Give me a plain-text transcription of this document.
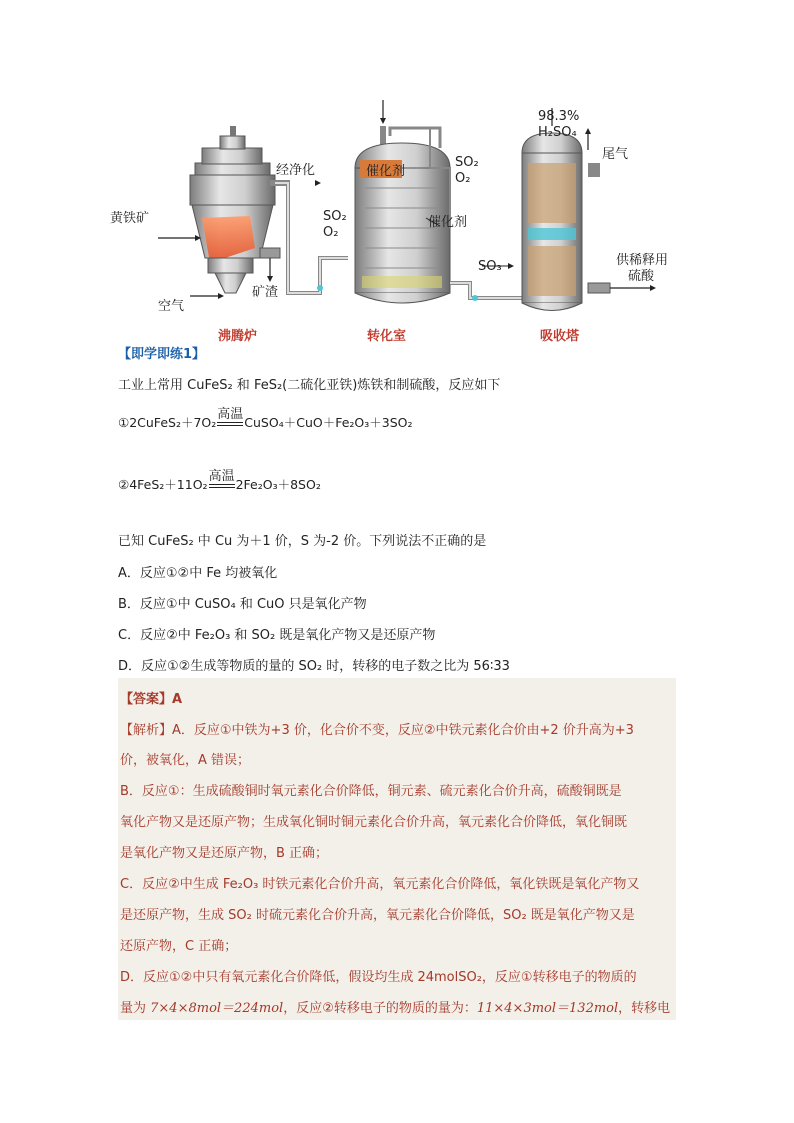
98.3%
H₂SO₄
尾气
经净化
SO₂
O₂
催化剂
催化剂
黄铁矿	SO₂
O₂
空气
矿渣
SO₃	供稀释用
硫酸
沸腾炉	转化室	吸收塔
【即学即练1】
工业上常用 CuFeS₂ 和 FeS₂(二硫化亚铁)炼铁和制硫酸，反应如下
①2CuFeS₂＋7O₂
高温
CuSO₄＋CuO＋Fe₂O₃＋3SO₂
②4FeS₂＋11O₂
高温
2Fe₂O₃＋8SO₂
已知 CuFeS₂ 中 Cu 为＋1 价，S 为-2 价。下列说法不正确的是
A．反应①②中 Fe 均被氧化
B．反应①中 CuSO₄ 和 CuO 只是氧化产物
C．反应②中 Fe₂O₃ 和 SO₂ 既是氧化产物又是还原产物
D．反应①②生成等物质的量的 SO₂ 时，转移的电子数之比为 56∶33
【答案】A
【解析】A．反应①中铁为+3 价，化合价不变，反应②中铁元素化合价由+2 价升高为+3
价，被氧化，A 错误；
B．反应①：生成硫酸铜时氧元素化合价降低，铜元素、硫元素化合价升高，硫酸铜既是
氧化产物又是还原产物；生成氧化铜时铜元素化合价升高，氧元素化合价降低，氧化铜既
是氧化产物又是还原产物，B 正确；
C．反应②中生成 Fe₂O₃ 时铁元素化合价升高，氧元素化合价降低，氧化铁既是氧化产物又
是还原产物，生成 SO₂ 时硫元素化合价升高，氧元素化合价降低，SO₂ 既是氧化产物又是
还原产物，C 正确；
D．反应①②中只有氧元素化合价降低，假设均生成 24molSO₂，反应①转移电子的物质的
量为 7×4×8mol＝224mol，反应②转移电子的物质的量为：11×4×3mol＝132mol，转移电
